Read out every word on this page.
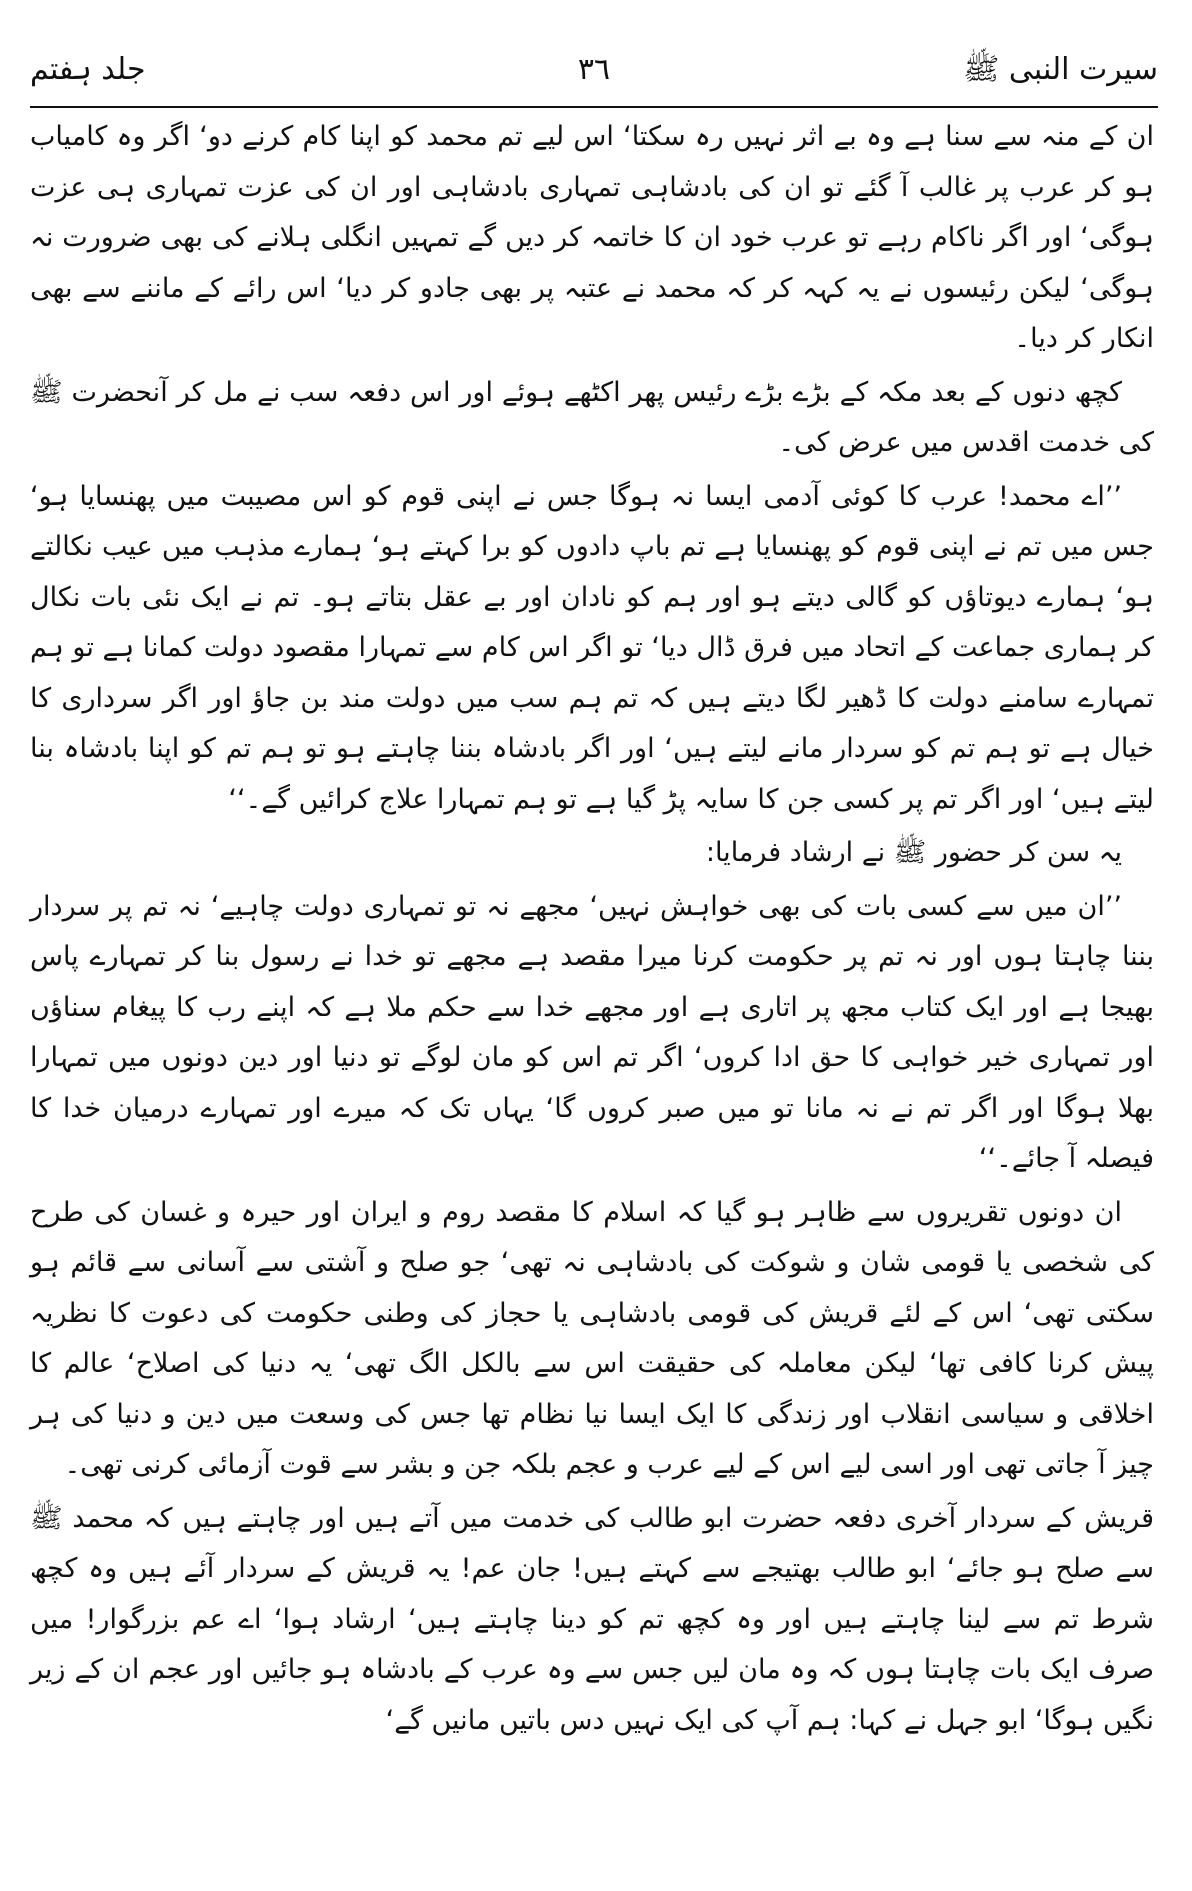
سیرت النبی ﷺ
٣٦
جلد ہفتم

ان کے منہ سے سنا ہے وہ بے اثر نہیں رہ سکتا‘ اس لیے تم محمد کو اپنا کام کرنے دو‘ اگر وہ کامیاب ہو کر عرب پر غالب آ گئے تو ان کی بادشاہی تمہاری بادشاہی اور ان کی عزت تمہاری ہی عزت ہوگی‘ اور اگر ناکام رہے تو عرب خود ان کا خاتمہ کر دیں گے تمہیں انگلی ہلانے کی بھی ضرورت نہ ہوگی‘ لیکن رئیسوں نے یہ کہہ کر کہ محمد نے عتبہ پر بھی جادو کر دیا‘ اس رائے کے ماننے سے بھی انکار کر دیا۔

کچھ دنوں کے بعد مکہ کے بڑے بڑے رئیس پھر اکٹھے ہوئے اور اس دفعہ سب نے مل کر آنحضرت ﷺ کی خدمت اقدس میں عرض کی۔

’’اے محمد! عرب کا کوئی آدمی ایسا نہ ہوگا جس نے اپنی قوم کو اس مصیبت میں پھنسایا ہو‘ جس میں تم نے اپنی قوم کو پھنسایا ہے تم باپ دادوں کو برا کہتے ہو‘ ہمارے مذہب میں عیب نکالتے ہو‘ ہمارے دیوتاؤں کو گالی دیتے ہو اور ہم کو نادان اور بے عقل بتاتے ہو۔ تم نے ایک نئی بات نکال کر ہماری جماعت کے اتحاد میں فرق ڈال دیا‘ تو اگر اس کام سے تمہارا مقصود دولت کمانا ہے تو ہم تمہارے سامنے دولت کا ڈھیر لگا دیتے ہیں کہ تم ہم سب میں دولت مند بن جاؤ اور اگر سرداری کا خیال ہے تو ہم تم کو سردار مانے لیتے ہیں‘ اور اگر بادشاہ بننا چاہتے ہو تو ہم تم کو اپنا بادشاہ بنا لیتے ہیں‘ اور اگر تم پر کسی جن کا سایہ پڑ گیا ہے تو ہم تمہارا علاج کرائیں گے۔‘‘

یہ سن کر حضور ﷺ نے ارشاد فرمایا:

’’ان میں سے کسی بات کی بھی خواہش نہیں‘ مجھے نہ تو تمہاری دولت چاہیے‘ نہ تم پر سردار بننا چاہتا ہوں اور نہ تم پر حکومت کرنا میرا مقصد ہے مجھے تو خدا نے رسول بنا کر تمہارے پاس بھیجا ہے اور ایک کتاب مجھ پر اتاری ہے اور مجھے خدا سے حکم ملا ہے کہ اپنے رب کا پیغام سناؤں اور تمہاری خیر خواہی کا حق ادا کروں‘ اگر تم اس کو مان لوگے تو دنیا اور دین دونوں میں تمہارا بھلا ہوگا اور اگر تم نے نہ مانا تو میں صبر کروں گا‘ یہاں تک کہ میرے اور تمہارے درمیان خدا کا فیصلہ آ جائے۔‘‘

ان دونوں تقریروں سے ظاہر ہو گیا کہ اسلام کا مقصد روم و ایران اور حیرہ و غسان کی طرح کی شخصی یا قومی شان و شوکت کی بادشاہی نہ تھی‘ جو صلح و آشتی سے آسانی سے قائم ہو سکتی تھی‘ اس کے لئے قریش کی قومی بادشاہی یا حجاز کی وطنی حکومت کی دعوت کا نظریہ پیش کرنا کافی تھا‘ لیکن معاملہ کی حقیقت اس سے بالکل الگ تھی‘ یہ دنیا کی اصلاح‘ عالم کا اخلاقی و سیاسی انقلاب اور زندگی کا ایک ایسا نیا نظام تھا جس کی وسعت میں دین و دنیا کی ہر چیز آ جاتی تھی اور اسی لیے اس کے لیے عرب و عجم بلکہ جن و بشر سے قوت آزمائی کرنی تھی۔

قریش کے سردار آخری دفعہ حضرت ابو طالب کی خدمت میں آتے ہیں اور چاہتے ہیں کہ محمد ﷺ سے صلح ہو جائے‘ ابو طالب بھتیجے سے کہتے ہیں! جان عم! یہ قریش کے سردار آئے ہیں وہ کچھ شرط تم سے لینا چاہتے ہیں اور وہ کچھ تم کو دینا چاہتے ہیں‘ ارشاد ہوا‘ اے عم بزرگوار! میں صرف ایک بات چاہتا ہوں کہ وہ مان لیں جس سے وہ عرب کے بادشاہ ہو جائیں اور عجم ان کے زیر نگیں ہوگا‘ ابو جہل نے کہا: ہم آپ کی ایک نہیں دس باتیں مانیں گے‘
